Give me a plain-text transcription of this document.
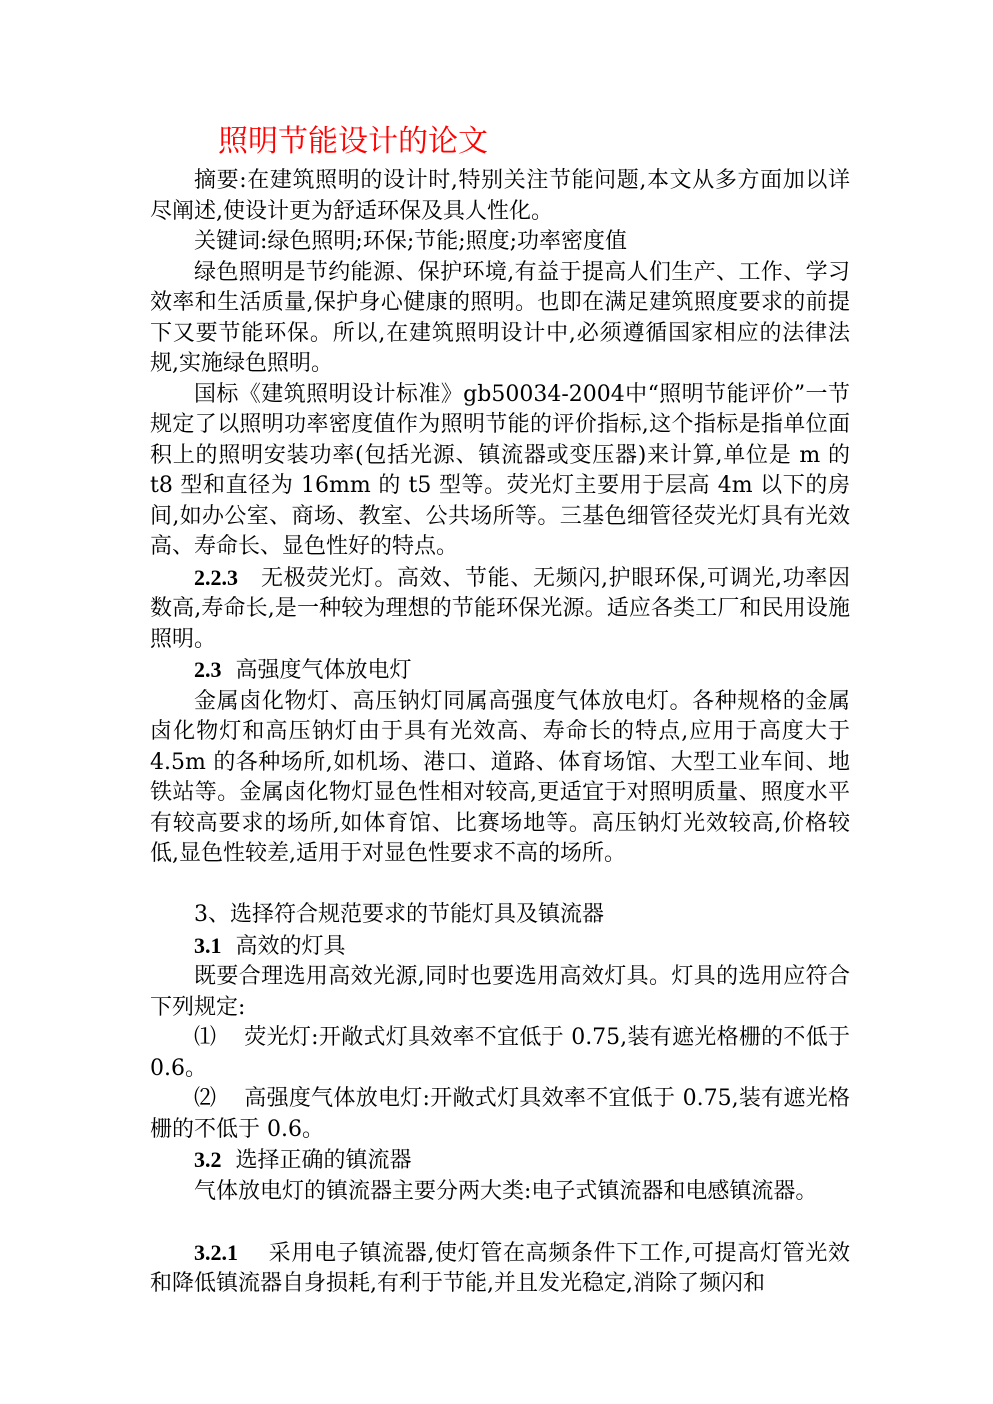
照明节能设计的论文

摘要:在建筑照明的设计时,特别关注节能问题,本文从多方面加以详尽阐述,使设计更为舒适环保及具人性化。

关键词:绿色照明;环保;节能;照度;功率密度值

绿色照明是节约能源、保护环境,有益于提高人们生产、工作、学习效率和生活质量,保护身心健康的照明。也即在满足建筑照度要求的前提下又要节能环保。所以,在建筑照明设计中,必须遵循国家相应的法律法规,实施绿色照明。

国标《建筑照明设计标准》gb50034-2004中“照明节能评价”一节规定了以照明功率密度值作为照明节能的评价指标,这个指标是指单位面积上的照明安装功率(包括光源、镇流器或变压器)来计算,单位是 m 的 t8 型和直径为 16mm 的 t5 型等。荧光灯主要用于层高 4m 以下的房间,如办公室、商场、教室、公共场所等。三基色细管径荧光灯具有光效高、寿命长、显色性好的特点。

2.2.3 无极荧光灯。高效、节能、无频闪,护眼环保,可调光,功率因数高,寿命长,是一种较为理想的节能环保光源。适应各类工厂和民用设施照明。

2.3 高强度气体放电灯

金属卤化物灯、高压钠灯同属高强度气体放电灯。各种规格的金属卤化物灯和高压钠灯由于具有光效高、寿命长的特点,应用于高度大于 4.5m 的各种场所,如机场、港口、道路、体育场馆、大型工业车间、地铁站等。金属卤化物灯显色性相对较高,更适宜于对照明质量、照度水平有较高要求的场所,如体育馆、比赛场地等。高压钠灯光效较高,价格较低,显色性较差,适用于对显色性要求不高的场所。

3、选择符合规范要求的节能灯具及镇流器

3.1 高效的灯具

既要合理选用高效光源,同时也要选用高效灯具。灯具的选用应符合下列规定:

⑴ 荧光灯:开敞式灯具效率不宜低于 0.75,装有遮光格栅的不低于 0.6。

⑵ 高强度气体放电灯:开敞式灯具效率不宜低于 0.75,装有遮光格栅的不低于 0.6。

3.2 选择正确的镇流器

气体放电灯的镇流器主要分两大类:电子式镇流器和电感镇流器。

3.2.1 采用电子镇流器,使灯管在高频条件下工作,可提高灯管光效和降低镇流器自身损耗,有利于节能,并且发光稳定,消除了频闪和
